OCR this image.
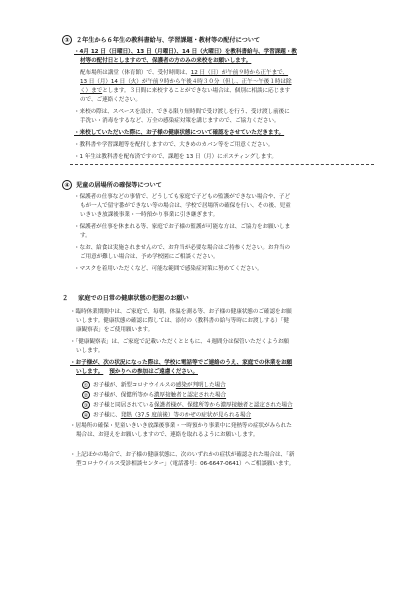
③ ２年生から６年生の教科書給与、学習課題・教材等の配付について
・4月 12 日（日曜日）、13 日（月曜日）、14 日（火曜日）を教科書給与、学習課題・教
材等の配付日としますので、保護者の方のみの来校をお願いします。
配布場所は講堂（体育館）で、受付時間は、12 日（日）が午前９時から正午まで、
13 日（月）14 日（火）が午前９時から午後４時３０分（但し、正午〜午後１時は除
く）までとします。３日間に来校することができない場合は、個別に相談に応じます
ので、ご連絡ください。
・来校の際は、スペースを設け、できる限り短時間で受け渡しを行う、受け渡し前後に
手洗い・消毒をするなど、万全の感染症対策を講じますので、ご協力ください。
・来校していただいた際に、お子様の健康状態について確認をさせていただきます。
・教科書や学習課題等を配付しますので、大きめのカバン等をご用意ください。
・1 年生は教科書を配布済ですので、課題を 13 日（月）にポスティングします。
④ 児童の居場所の確保等について
・保護者の仕事などの事情で、どうしても家庭で子どもの監護ができない場合や、子ど
もが一人で留守番ができない等の場合は、学校で居場所の確保を行い、その後、児童
いきいき放課後事業・一時預かり事業に引き継ぎます。
・保護者が仕事を休まれる等、家庭でお子様の監護が可能な方は、ご協力をお願いしま
す。
・なお、給食は実施されませんので、お弁当が必要な場合はご持参ください。お弁当の
ご用意が難しい場合は、予め学校園にご相談ください。
・マスクを着用いただくなど、可能な範囲で感染症対策に努めてください。
２ 家庭での日常の健康状態の把握のお願い
・臨時休業期間中は、ご家庭で、毎朝、体温を測る等、お子様の健康状態のご確認をお願
いします。健康状態の確認に際しては、添付の（教科書の給与等時にお渡しする）「健
康観察表」をご使用願います。
・「健康観察表」は、ご家庭で記載いただくとともに、４週間分は保管いただくようお願
いします。
・お子様が、次の状況になった際は、学校に電話等でご連絡のうえ、家庭での休業をお願
いします。 預かりへの参加はご遠慮ください。
① お子様が、新型コロナウイルスの感染が判明した場合
② お子様が、保健所等から濃厚接触者と認定された場合
③ お子様と同居されている保護者様が、保健所等から濃厚接触者と認定された場合
④ お子様に、発熱（37.5 度前後）等のかぜの症状が見られる場合
・居場所の確保・児童いきいき放課後事業・一時預かり事業中に発熱等の症状がみられた
場合は、お迎えをお願いしますので、連絡を取れるようにお願いします。
・上記ほかの場合で、お子様の健康状態に、次のいずれかの症状が確認された場合は、「新
型コロナウイルス受診相談センター」（電話番号：06-6647-0641）へご相談願います。
